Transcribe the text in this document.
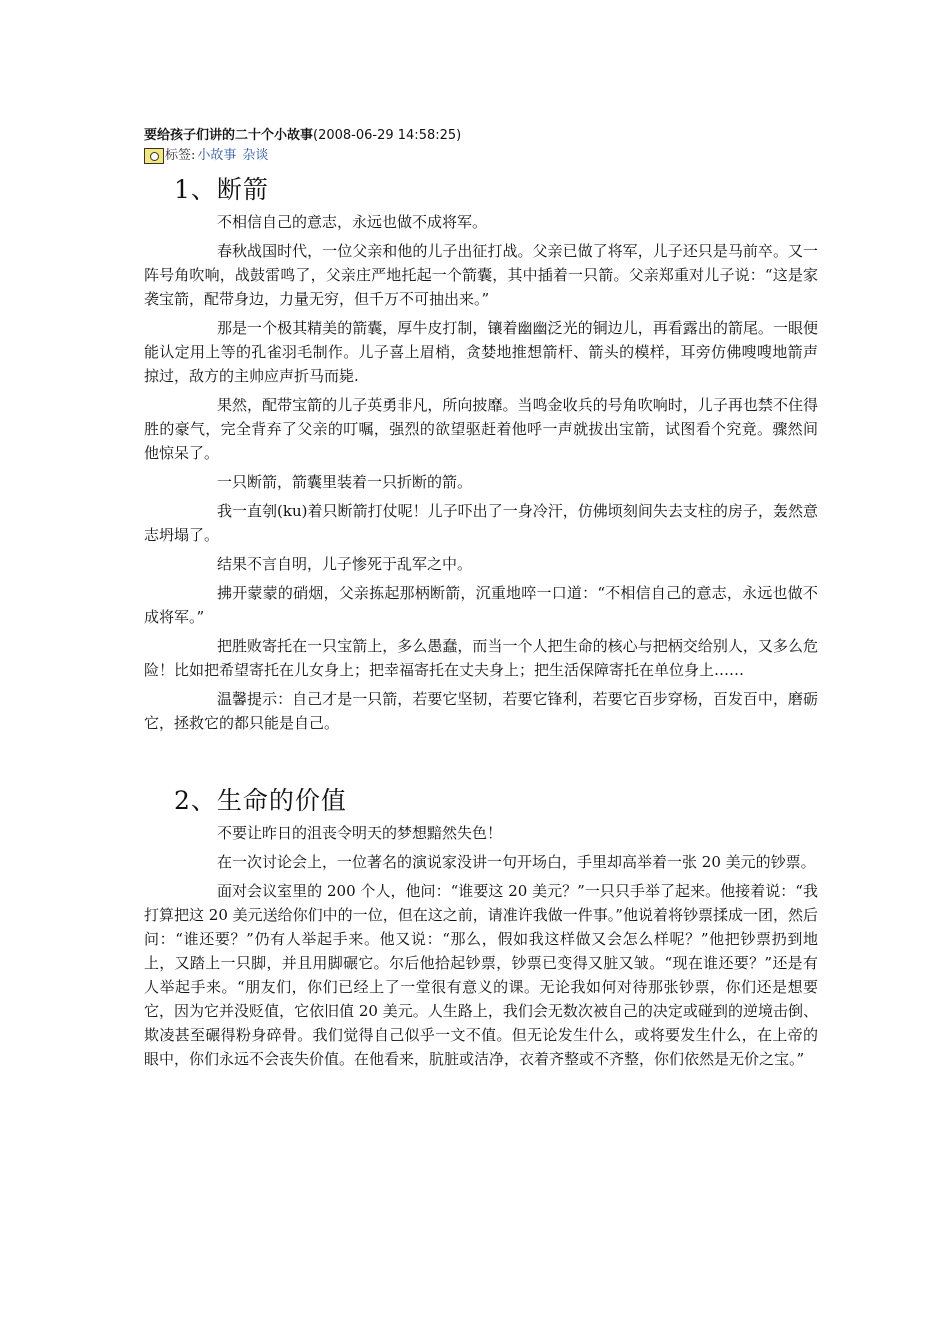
要给孩子们讲的二十个小故事(2008-06-29 14:58:25)
标签: 小故事 杂谈
1、断箭

不相信自己的意志，永远也做不成将军。

春秋战国时代，一位父亲和他的儿子出征打战。父亲已做了将军，儿子还只是马前卒。又一阵号角吹响，战鼓雷鸣了，父亲庄严地托起一个箭囊，其中插着一只箭。父亲郑重对儿子说：“这是家袭宝箭，配带身边，力量无穷，但千万不可抽出来。”

那是一个极其精美的箭囊，厚牛皮打制，镶着幽幽泛光的铜边儿，再看露出的箭尾。一眼便能认定用上等的孔雀羽毛制作。儿子喜上眉梢，贪婪地推想箭杆、箭头的模样，耳旁仿佛嗖嗖地箭声掠过，敌方的主帅应声折马而毙.

果然，配带宝箭的儿子英勇非凡，所向披靡。当鸣金收兵的号角吹响时，儿子再也禁不住得胜的豪气，完全背弃了父亲的叮嘱，强烈的欲望驱赶着他呼一声就拔出宝箭，试图看个究竟。骤然间他惊呆了。

一只断箭，箭囊里装着一只折断的箭。

我一直刳(ku)着只断箭打仗呢！儿子吓出了一身冷汗，仿佛顷刻间失去支柱的房子，轰然意志坍塌了。

结果不言自明，儿子惨死于乱军之中。

拂开蒙蒙的硝烟，父亲拣起那柄断箭，沉重地啐一口道：“不相信自己的意志，永远也做不成将军。”

把胜败寄托在一只宝箭上，多么愚蠢，而当一个人把生命的核心与把柄交给别人，又多么危险！比如把希望寄托在儿女身上；把幸福寄托在丈夫身上；把生活保障寄托在单位身上……

温馨提示：自己才是一只箭，若要它坚韧，若要它锋利，若要它百步穿杨，百发百中，磨砺它，拯救它的都只能是自己。

2、生命的价值

不要让昨日的沮丧令明天的梦想黯然失色！

在一次讨论会上，一位著名的演说家没讲一句开场白，手里却高举着一张 20 美元的钞票。

面对会议室里的 200 个人，他问：“谁要这 20 美元？”一只只手举了起来。他接着说：“我打算把这 20 美元送给你们中的一位，但在这之前，请准许我做一件事。”他说着将钞票揉成一团，然后问：“谁还要？”仍有人举起手来。他又说：“那么，假如我这样做又会怎么样呢？”他把钞票扔到地上，又踏上一只脚，并且用脚碾它。尔后他拾起钞票，钞票已变得又脏又皱。“现在谁还要？”还是有人举起手来。“朋友们，你们已经上了一堂很有意义的课。无论我如何对待那张钞票，你们还是想要它，因为它并没贬值，它依旧值 20 美元。人生路上，我们会无数次被自己的决定或碰到的逆境击倒、欺凌甚至碾得粉身碎骨。我们觉得自己似乎一文不值。但无论发生什么，或将要发生什么，在上帝的眼中，你们永远不会丧失价值。在他看来，肮脏或洁净，衣着齐整或不齐整，你们依然是无价之宝。”
